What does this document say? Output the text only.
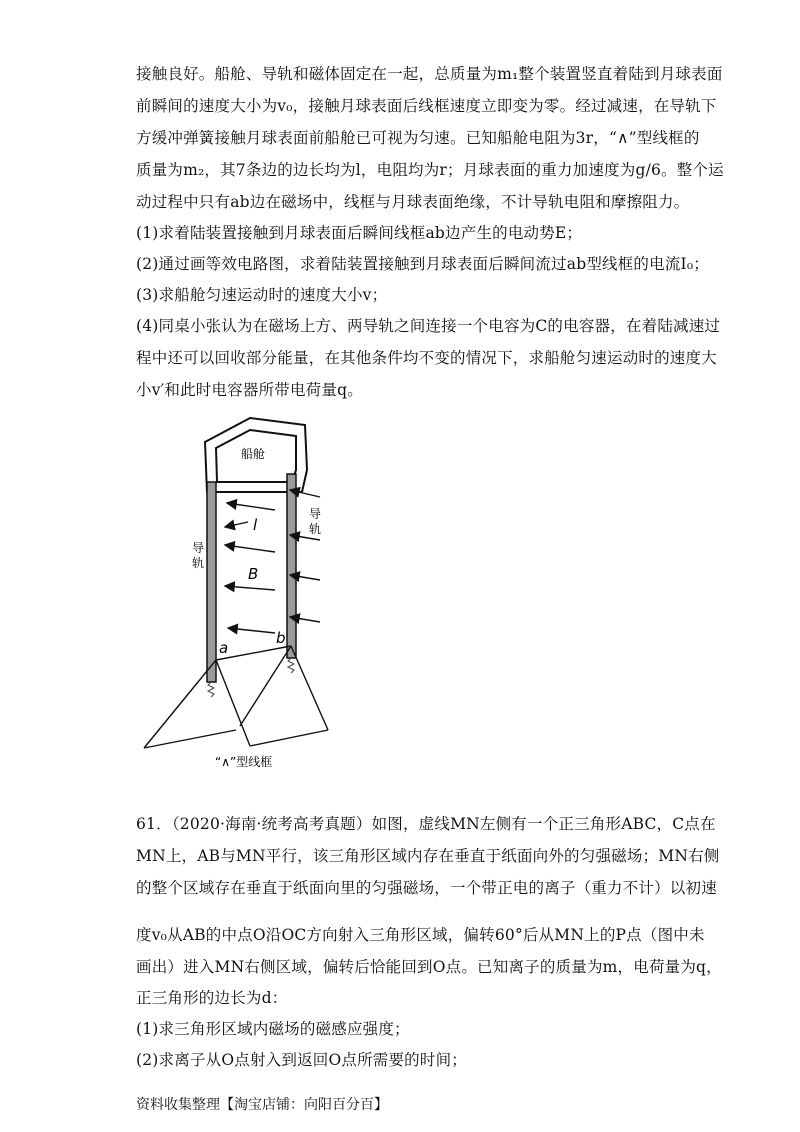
接触良好。船舱、导轨和磁体固定在一起，总质量为m₁整个装置竖直着陆到月球表面
前瞬间的速度大小为v₀，接触月球表面后线框速度立即变为零。经过减速，在导轨下
方缓冲弹簧接触月球表面前船舱已可视为匀速。已知船舱电阻为3r，“∧”型线框的
质量为m₂，其7条边的边长均为l，电阻均为r；月球表面的重力加速度为g/6。整个运
动过程中只有ab边在磁场中，线框与月球表面绝缘，不计导轨电阻和摩擦阻力。
(1)求着陆装置接触到月球表面后瞬间线框ab边产生的电动势E；
(2)通过画等效电路图，求着陆装置接触到月球表面后瞬间流过ab型线框的电流I₀；
(3)求船舱匀速运动时的速度大小v；
(4)同桌小张认为在磁场上方、两导轨之间连接一个电容为C的电容器，在着陆减速过
程中还可以回收部分能量，在其他条件均不变的情况下，求船舱匀速运动时的速度大
小v′和此时电容器所带电荷量q。
船舱
导
轨
导
轨
l
B
a
b
“∧”型线框
61．（2020·海南·统考高考真题）如图，虚线MN左侧有一个正三角形ABC，C点在
MN上，AB与MN平行，该三角形区域内存在垂直于纸面向外的匀强磁场；MN右侧
的整个区域存在垂直于纸面向里的匀强磁场，一个带正电的离子（重力不计）以初速
度v₀从AB的中点O沿OC方向射入三角形区域，偏转60°后从MN上的P点（图中未
画出）进入MN右侧区域，偏转后恰能回到O点。已知离子的质量为m，电荷量为q，
正三角形的边长为d：
(1)求三角形区域内磁场的磁感应强度；
(2)求离子从O点射入到返回O点所需要的时间；
资料收集整理【淘宝店铺：向阳百分百】
